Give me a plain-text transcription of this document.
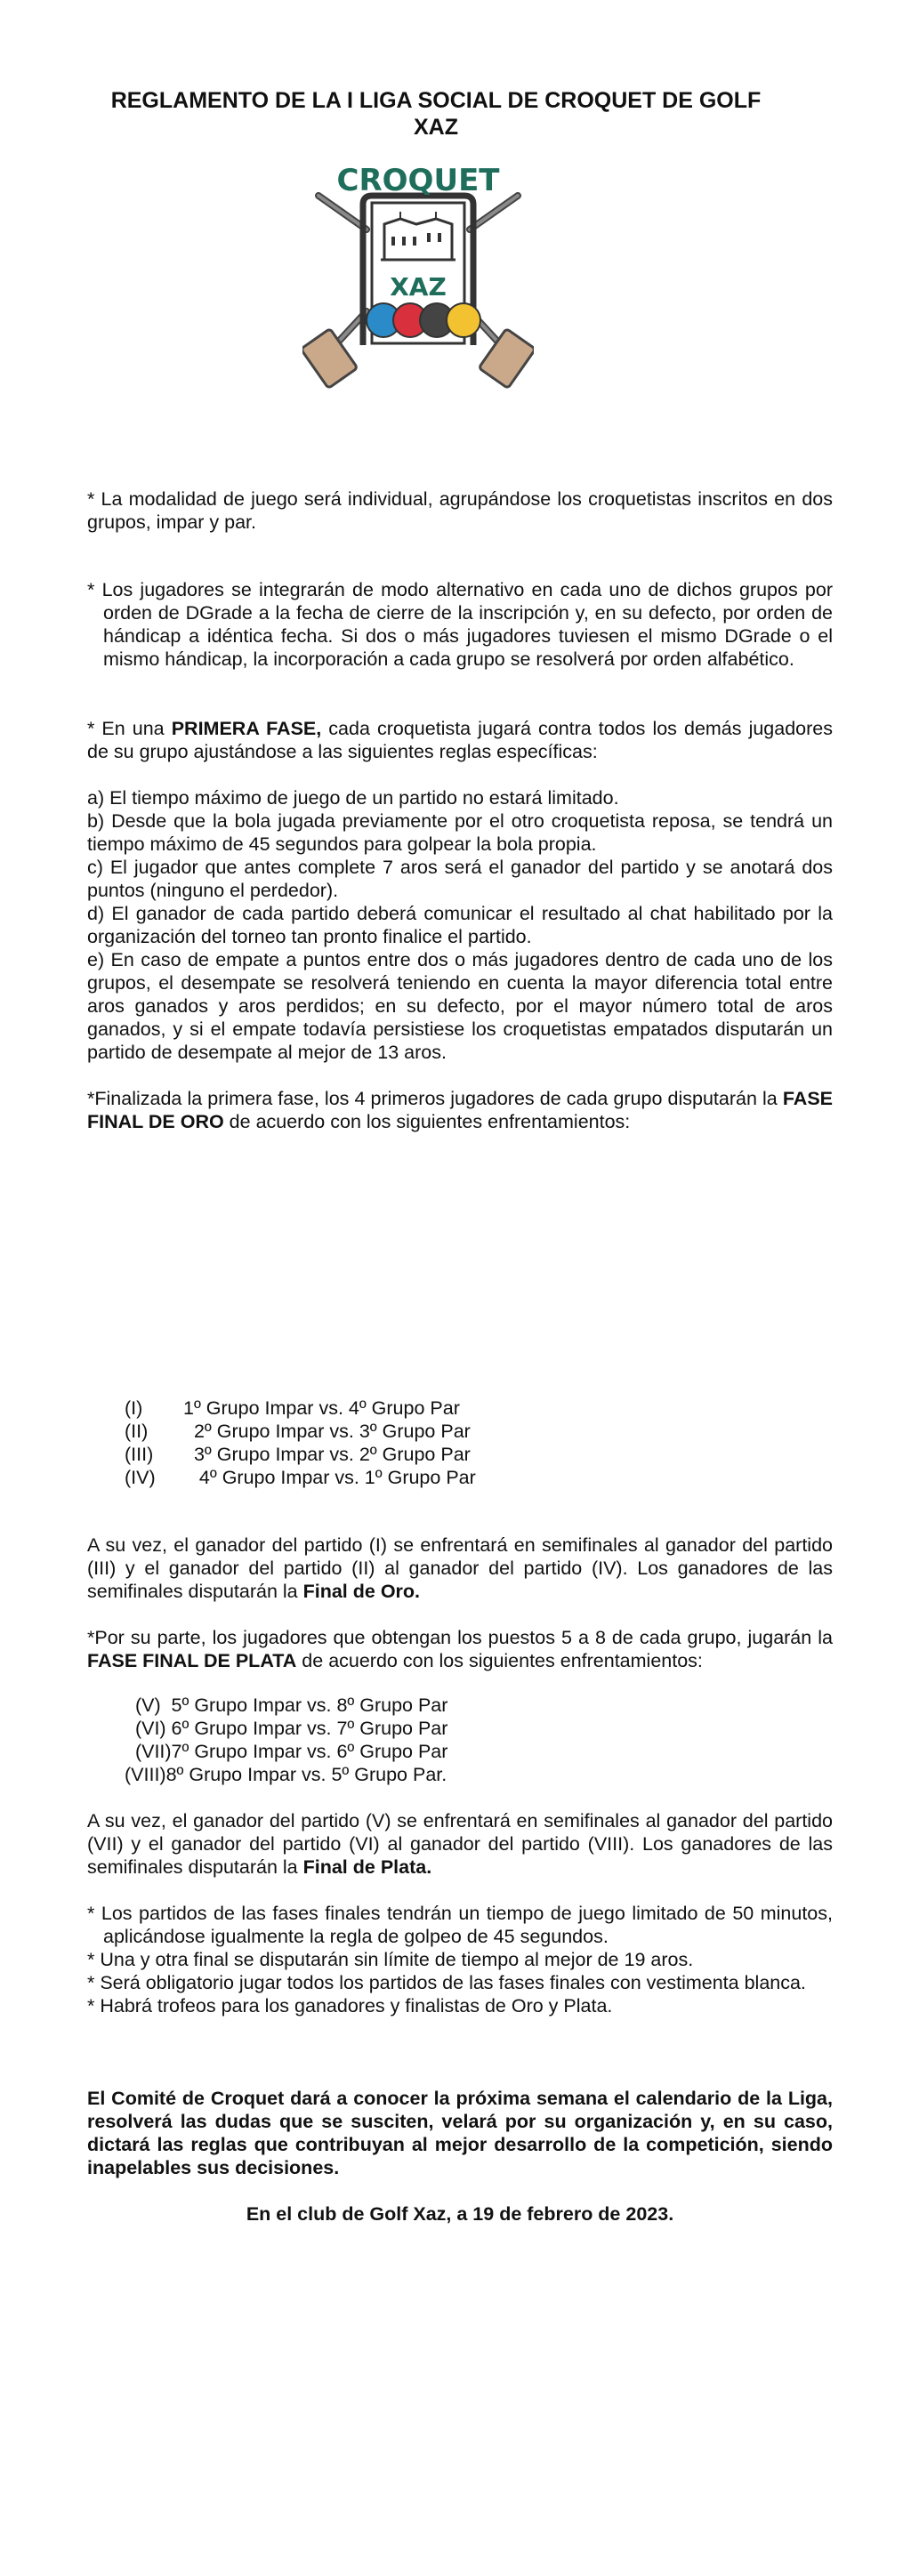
REGLAMENTO DE LA I LIGA SOCIAL DE CROQUET DE GOLF XAZ
CROQUET
XAZ
* La modalidad de juego será individual, agrupándose los croquetistas inscritos en dos grupos, impar y par.
* Los jugadores se integrarán de modo alternativo en cada uno de dichos grupos por orden de DGrade a la fecha de cierre de la inscripción y, en su defecto, por orden de hándicap a idéntica fecha. Si dos o más jugadores tuviesen el mismo DGrade o el mismo hándicap, la incorporación a cada grupo se resolverá por orden alfabético.
* En una PRIMERA FASE, cada croquetista jugará contra todos los demás jugadores de su grupo ajustándose a las siguientes reglas específicas:
a) El tiempo máximo de juego de un partido no estará limitado.
b) Desde que la bola jugada previamente por el otro croquetista reposa, se tendrá un tiempo máximo de 45 segundos para golpear la bola propia.
c) El jugador que antes complete 7 aros será el ganador del partido y se anotará dos puntos (ninguno el perdedor).
d) El ganador de cada partido deberá comunicar el resultado al chat habilitado por la organización del torneo tan pronto finalice el partido.
e) En caso de empate a puntos entre dos o más jugadores dentro de cada uno de los grupos, el desempate se resolverá teniendo en cuenta la mayor diferencia total entre aros ganados y aros perdidos; en su defecto, por el mayor número total de aros ganados, y si el empate todavía persistiese los croquetistas empatados disputarán un partido de desempate al mejor de 13 aros.
*Finalizada la primera fase, los 4 primeros jugadores de cada grupo disputarán la FASE FINAL DE ORO de acuerdo con los siguientes enfrentamientos:
(I)	1º Grupo Impar vs. 4º Grupo Par
(II)	2º Grupo Impar vs. 3º Grupo Par
(III)	3º Grupo Impar vs. 2º Grupo Par
(IV)	4º Grupo Impar vs. 1º Grupo Par
A su vez, el ganador del partido (I) se enfrentará en semifinales al ganador del partido (III) y el ganador del partido (II) al ganador del partido (IV). Los ganadores de las semifinales disputarán la Final de Oro.
*Por su parte, los jugadores que obtengan los puestos 5 a 8 de cada grupo, jugarán la FASE FINAL DE PLATA de acuerdo con los siguientes enfrentamientos:
(V)  5º Grupo Impar vs. 8º Grupo Par
(VI) 6º Grupo Impar vs. 7º Grupo Par
(VII)7º Grupo Impar vs. 6º Grupo Par
(VIII)8º Grupo Impar vs. 5º Grupo Par.
A su vez, el ganador del partido (V) se enfrentará en semifinales al ganador del partido (VII) y el ganador del partido (VI) al ganador del partido (VIII). Los ganadores de las semifinales disputarán la Final de Plata.
* Los partidos de las fases finales tendrán un tiempo de juego limitado de 50 minutos, aplicándose igualmente la regla de golpeo de 45 segundos.
* Una y otra final se disputarán sin límite de tiempo al mejor de 19 aros.
* Será obligatorio jugar todos los partidos de las fases finales con vestimenta blanca.
* Habrá trofeos para los ganadores y finalistas de Oro y Plata.
El Comité de Croquet dará a conocer la próxima semana el calendario de la Liga, resolverá las dudas que se susciten, velará por su organización y, en su caso, dictará las reglas que contribuyan al mejor desarrollo de la competición, siendo inapelables sus decisiones.
En el club de Golf Xaz, a 19 de febrero de 2023.
